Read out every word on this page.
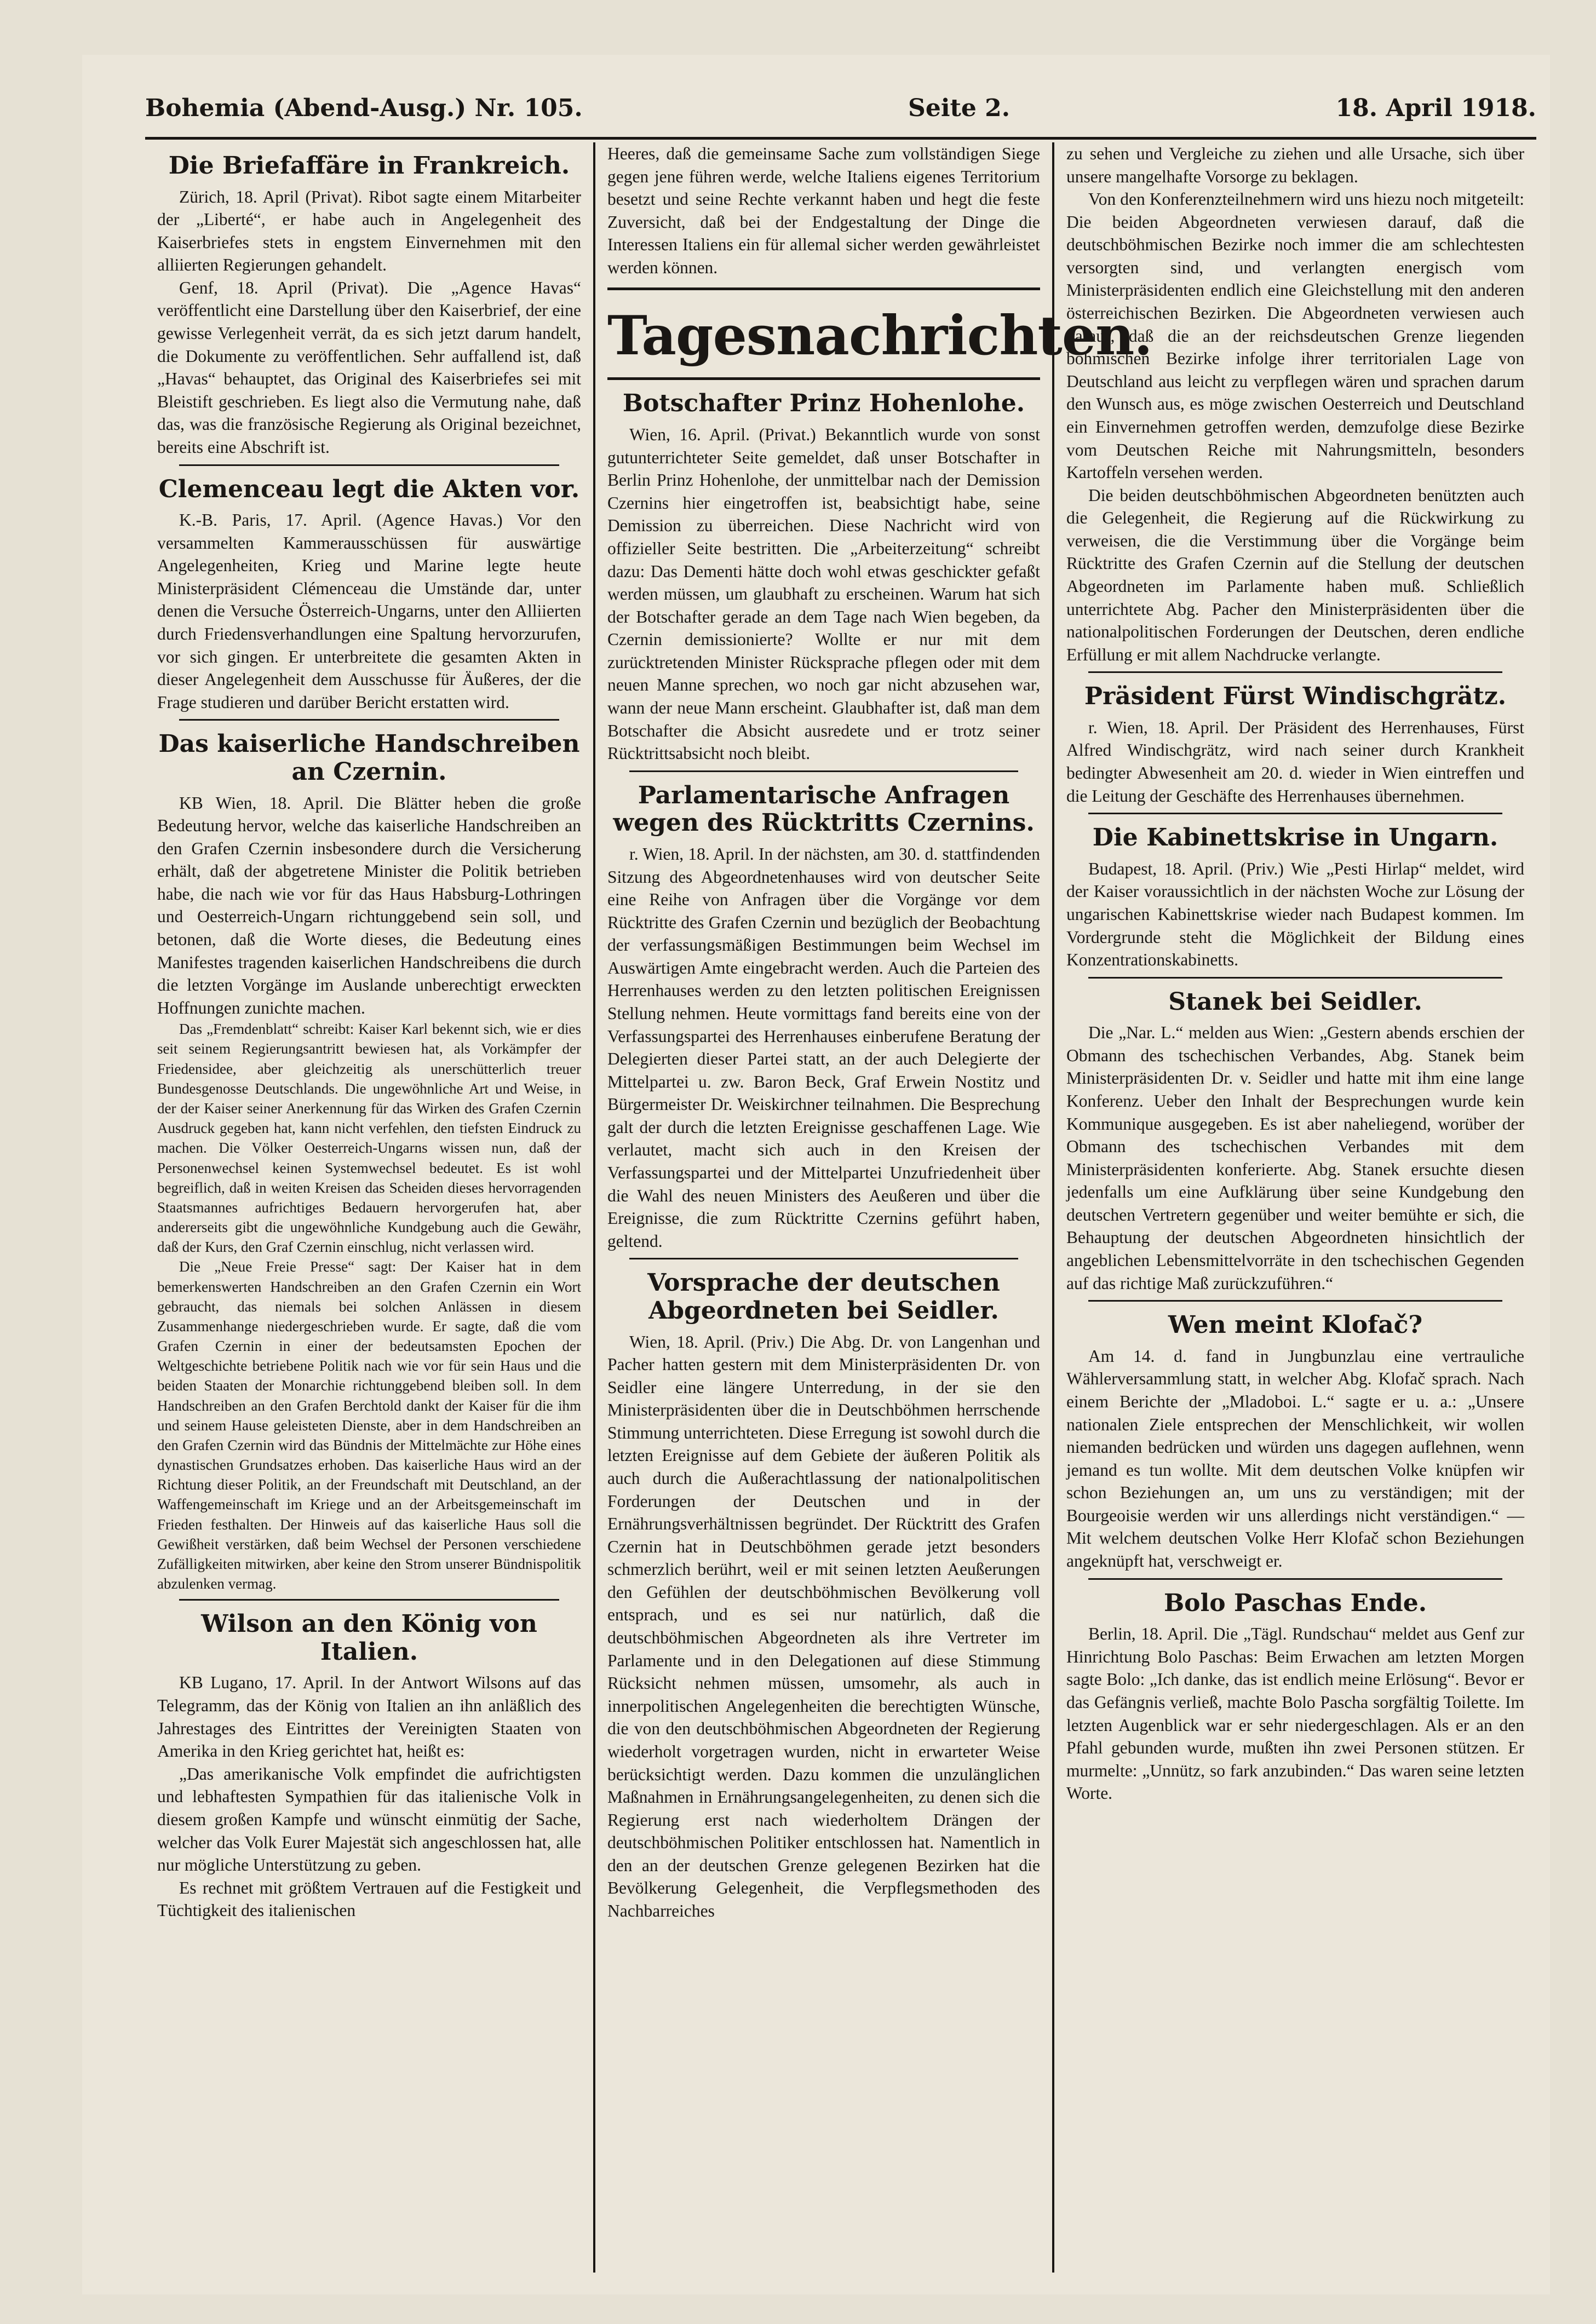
Bohemia (Abend-Ausg.) Nr. 105.	Seite 2.	18. April 1918.
Die Briefaffäre in Frankreich.

Zürich, 18. April (Privat). Ribot sagte einem Mitarbeiter der „Liberté“, er habe auch in Angelegenheit des Kaiserbriefes stets in engstem Einvernehmen mit den alliierten Regierungen gehandelt.

Genf, 18. April (Privat). Die „Agence Havas“ veröffentlicht eine Darstellung über den Kaiserbrief, der eine gewisse Verlegenheit verrät, da es sich jetzt darum handelt, die Dokumente zu veröffentlichen. Sehr auffallend ist, daß „Havas“ behauptet, das Original des Kaiserbriefes sei mit Bleistift geschrieben. Es liegt also die Vermutung nahe, daß das, was die französische Regierung als Original bezeichnet, bereits eine Abschrift ist.

Clemenceau legt die Akten vor.

K.-B. Paris, 17. April. (Agence Havas.) Vor den versammelten Kammerausschüssen für auswärtige Angelegenheiten, Krieg und Marine legte heute Ministerpräsident Clémenceau die Umstände dar, unter denen die Versuche Österreich-Ungarns, unter den Alliierten durch Friedensverhandlungen eine Spaltung hervorzurufen, vor sich gingen. Er unterbreitete die gesamten Akten in dieser Angelegenheit dem Ausschusse für Äußeres, der die Frage studieren und darüber Bericht erstatten wird.

Das kaiserliche Handschreiben an Czernin.

KB Wien, 18. April. Die Blätter heben die große Bedeutung hervor, welche das kaiserliche Handschreiben an den Grafen Czernin insbesondere durch die Versicherung erhält, daß der abgetretene Minister die Politik betrieben habe, die nach wie vor für das Haus Habsburg-Lothringen und Oesterreich-Ungarn richtunggebend sein soll, und betonen, daß die Worte dieses, die Bedeutung eines Manifestes tragenden kaiserlichen Handschreibens die durch die letzten Vorgänge im Auslande unberechtigt erweckten Hoffnungen zunichte machen.

Das „Fremdenblatt“ schreibt: Kaiser Karl bekennt sich, wie er dies seit seinem Regierungsantritt bewiesen hat, als Vorkämpfer der Friedensidee, aber gleichzeitig als unerschütterlich treuer Bundesgenosse Deutschlands. Die ungewöhnliche Art und Weise, in der der Kaiser seiner Anerkennung für das Wirken des Grafen Czernin Ausdruck gegeben hat, kann nicht verfehlen, den tiefsten Eindruck zu machen. Die Völker Oesterreich-Ungarns wissen nun, daß der Personenwechsel keinen Systemwechsel bedeutet. Es ist wohl begreiflich, daß in weiten Kreisen das Scheiden dieses hervorragenden Staatsmannes aufrichtiges Bedauern hervorgerufen hat, aber andererseits gibt die ungewöhnliche Kundgebung auch die Gewähr, daß der Kurs, den Graf Czernin einschlug, nicht verlassen wird.

Die „Neue Freie Presse“ sagt: Der Kaiser hat in dem bemerkenswerten Handschreiben an den Grafen Czernin ein Wort gebraucht, das niemals bei solchen Anlässen in diesem Zusammenhange niedergeschrieben wurde. Er sagte, daß die vom Grafen Czernin in einer der bedeutsamsten Epochen der Weltgeschichte betriebene Politik nach wie vor für sein Haus und die beiden Staaten der Monarchie richtunggebend bleiben soll. In dem Handschreiben an den Grafen Berchtold dankt der Kaiser für die ihm und seinem Hause geleisteten Dienste, aber in dem Handschreiben an den Grafen Czernin wird das Bündnis der Mittelmächte zur Höhe eines dynastischen Grundsatzes erhoben. Das kaiserliche Haus wird an der Richtung dieser Politik, an der Freundschaft mit Deutschland, an der Waffengemeinschaft im Kriege und an der Arbeitsgemeinschaft im Frieden festhalten. Der Hinweis auf das kaiserliche Haus soll die Gewißheit verstärken, daß beim Wechsel der Personen verschiedene Zufälligkeiten mitwirken, aber keine den Strom unserer Bündnispolitik abzulenken vermag.

Wilson an den König von Italien.

KB Lugano, 17. April. In der Antwort Wilsons auf das Telegramm, das der König von Italien an ihn anläßlich des Jahrestages des Eintrittes der Vereinigten Staaten von Amerika in den Krieg gerichtet hat, heißt es:

„Das amerikanische Volk empfindet die aufrichtigsten und lebhaftesten Sympathien für das italienische Volk in diesem großen Kampfe und wünscht einmütig der Sache, welcher das Volk Eurer Majestät sich angeschlossen hat, alle nur mögliche Unterstützung zu geben.

Es rechnet mit größtem Vertrauen auf die Festigkeit und Tüchtigkeit des italienischen

Heeres, daß die gemeinsame Sache zum vollständigen Siege gegen jene führen werde, welche Italiens eigenes Territorium besetzt und seine Rechte verkannt haben und hegt die feste Zuversicht, daß bei der Endgestaltung der Dinge die Interessen Italiens ein für allemal sicher werden gewährleistet werden können.

Tagesnachrichten.
Botschafter Prinz Hohenlohe.

Wien, 16. April. (Privat.) Bekanntlich wurde von sonst gutunterrichteter Seite gemeldet, daß unser Botschafter in Berlin Prinz Hohenlohe, der unmittelbar nach der Demission Czernins hier eingetroffen ist, beabsichtigt habe, seine Demission zu überreichen. Diese Nachricht wird von offizieller Seite bestritten. Die „Arbeiterzeitung“ schreibt dazu: Das Dementi hätte doch wohl etwas geschickter gefaßt werden müssen, um glaubhaft zu erscheinen. Warum hat sich der Botschafter gerade an dem Tage nach Wien begeben, da Czernin demissionierte? Wollte er nur mit dem zurücktretenden Minister Rücksprache pflegen oder mit dem neuen Manne sprechen, wo noch gar nicht abzusehen war, wann der neue Mann erscheint. Glaubhafter ist, daß man dem Botschafter die Absicht ausredete und er trotz seiner Rücktrittsabsicht noch bleibt.

Parlamentarische Anfragen wegen des Rücktritts Czernins.

r. Wien, 18. April. In der nächsten, am 30. d. stattfindenden Sitzung des Abgeordnetenhauses wird von deutscher Seite eine Reihe von Anfragen über die Vorgänge vor dem Rücktritte des Grafen Czernin und bezüglich der Beobachtung der verfassungsmäßigen Bestimmungen beim Wechsel im Auswärtigen Amte eingebracht werden. Auch die Parteien des Herrenhauses werden zu den letzten politischen Ereignissen Stellung nehmen. Heute vormittags fand bereits eine von der Verfassungspartei des Herrenhauses einberufene Beratung der Delegierten dieser Partei statt, an der auch Delegierte der Mittelpartei u. zw. Baron Beck, Graf Erwein Nostitz und Bürgermeister Dr. Weiskirchner teilnahmen. Die Besprechung galt der durch die letzten Ereignisse geschaffenen Lage. Wie verlautet, macht sich auch in den Kreisen der Verfassungspartei und der Mittelpartei Unzufriedenheit über die Wahl des neuen Ministers des Aeußeren und über die Ereignisse, die zum Rücktritte Czernins geführt haben, geltend.

Vorsprache der deutschen Abgeordneten bei Seidler.

Wien, 18. April. (Priv.) Die Abg. Dr. von Langenhan und Pacher hatten gestern mit dem Ministerpräsidenten Dr. von Seidler eine längere Unterredung, in der sie den Ministerpräsidenten über die in Deutschböhmen herrschende Stimmung unterrichteten. Diese Erregung ist sowohl durch die letzten Ereignisse auf dem Gebiete der äußeren Politik als auch durch die Außerachtlassung der nationalpolitischen Forderungen der Deutschen und in der Ernährungsverhältnissen begründet. Der Rücktritt des Grafen Czernin hat in Deutschböhmen gerade jetzt besonders schmerzlich berührt, weil er mit seinen letzten Aeußerungen den Gefühlen der deutschböhmischen Bevölkerung voll entsprach, und es sei nur natürlich, daß die deutschböhmischen Abgeordneten als ihre Vertreter im Parlamente und in den Delegationen auf diese Stimmung Rücksicht nehmen müssen, umsomehr, als auch in innerpolitischen Angelegenheiten die berechtigten Wünsche, die von den deutschböhmischen Abgeordneten der Regierung wiederholt vorgetragen wurden, nicht in erwarteter Weise berücksichtigt werden. Dazu kommen die unzulänglichen Maßnahmen in Ernährungsangelegenheiten, zu denen sich die Regierung erst nach wiederholtem Drängen der deutschböhmischen Politiker entschlossen hat. Namentlich in den an der deutschen Grenze gelegenen Bezirken hat die Bevölkerung Gelegenheit, die Verpflegsmethoden des Nachbarreiches

zu sehen und Vergleiche zu ziehen und alle Ursache, sich über unsere mangelhafte Vorsorge zu beklagen.

Von den Konferenzteilnehmern wird uns hiezu noch mitgeteilt: Die beiden Abgeordneten verwiesen darauf, daß die deutschböhmischen Bezirke noch immer die am schlechtesten versorgten sind, und verlangten energisch vom Ministerpräsidenten endlich eine Gleichstellung mit den anderen österreichischen Bezirken. Die Abgeordneten verwiesen auch darauf, daß die an der reichsdeutschen Grenze liegenden böhmischen Bezirke infolge ihrer territorialen Lage von Deutschland aus leicht zu verpflegen wären und sprachen darum den Wunsch aus, es möge zwischen Oesterreich und Deutschland ein Einvernehmen getroffen werden, demzufolge diese Bezirke vom Deutschen Reiche mit Nahrungsmitteln, besonders Kartoffeln versehen werden.

Die beiden deutschböhmischen Abgeordneten benützten auch die Gelegenheit, die Regierung auf die Rückwirkung zu verweisen, die die Verstimmung über die Vorgänge beim Rücktritte des Grafen Czernin auf die Stellung der deutschen Abgeordneten im Parlamente haben muß. Schließlich unterrichtete Abg. Pacher den Ministerpräsidenten über die nationalpolitischen Forderungen der Deutschen, deren endliche Erfüllung er mit allem Nachdrucke verlangte.

Präsident Fürst Windischgrätz.

r. Wien, 18. April. Der Präsident des Herrenhauses, Fürst Alfred Windischgrätz, wird nach seiner durch Krankheit bedingter Abwesenheit am 20. d. wieder in Wien eintreffen und die Leitung der Geschäfte des Herrenhauses übernehmen.

Die Kabinettskrise in Ungarn.

Budapest, 18. April. (Priv.) Wie „Pesti Hirlap“ meldet, wird der Kaiser voraussichtlich in der nächsten Woche zur Lösung der ungarischen Kabinettskrise wieder nach Budapest kommen. Im Vordergrunde steht die Möglichkeit der Bildung eines Konzentrationskabinetts.

Stanek bei Seidler.

Die „Nar. L.“ melden aus Wien: „Gestern abends erschien der Obmann des tschechischen Verbandes, Abg. Stanek beim Ministerpräsidenten Dr. v. Seidler und hatte mit ihm eine lange Konferenz. Ueber den Inhalt der Besprechungen wurde kein Kommunique ausgegeben. Es ist aber naheliegend, worüber der Obmann des tschechischen Verbandes mit dem Ministerpräsidenten konferierte. Abg. Stanek ersuchte diesen jedenfalls um eine Aufklärung über seine Kundgebung den deutschen Vertretern gegenüber und weiter bemühte er sich, die Behauptung der deutschen Abgeordneten hinsichtlich der angeblichen Lebensmittelvorräte in den tschechischen Gegenden auf das richtige Maß zurückzuführen.“

Wen meint Klofač?

Am 14. d. fand in Jungbunzlau eine vertrauliche Wählerversammlung statt, in welcher Abg. Klofač sprach. Nach einem Berichte der „Mladoboi. L.“ sagte er u. a.: „Unsere nationalen Ziele entsprechen der Menschlichkeit, wir wollen niemanden bedrücken und würden uns dagegen auflehnen, wenn jemand es tun wollte. Mit dem deutschen Volke knüpfen wir schon Beziehungen an, um uns zu verständigen; mit der Bourgeoisie werden wir uns allerdings nicht verständigen.“ — Mit welchem deutschen Volke Herr Klofač schon Beziehungen angeknüpft hat, verschweigt er.

Bolo Paschas Ende.

Berlin, 18. April. Die „Tägl. Rundschau“ meldet aus Genf zur Hinrichtung Bolo Paschas: Beim Erwachen am letzten Morgen sagte Bolo: „Ich danke, das ist endlich meine Erlösung“. Bevor er das Gefängnis verließ, machte Bolo Pascha sorgfältig Toilette. Im letzten Augenblick war er sehr niedergeschlagen. Als er an den Pfahl gebunden wurde, mußten ihn zwei Personen stützen. Er murmelte: „Unnütz, so fark anzubinden.“ Das waren seine letzten Worte.
